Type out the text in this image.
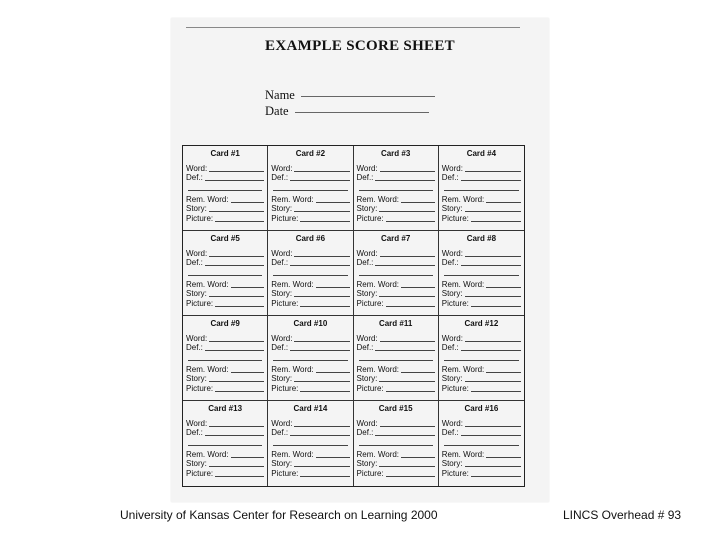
EXAMPLE SCORE SHEET
Name
Date
Card #1
Word:
Def.:
Rem. Word:
Story:
Picture:
Card #2
Word:
Def.:
Rem. Word:
Story:
Picture:
Card #3
Word:
Def.:
Rem. Word:
Story:
Picture:
Card #4
Word:
Def.:
Rem. Word:
Story:
Picture:
Card #5
Word:
Def.:
Rem. Word:
Story:
Picture:
Card #6
Word:
Def.:
Rem. Word:
Story:
Picture:
Card #7
Word:
Def.:
Rem. Word:
Story:
Picture:
Card #8
Word:
Def.:
Rem. Word:
Story:
Picture:
Card #9
Word:
Def.:
Rem. Word:
Story:
Picture:
Card #10
Word:
Def.:
Rem. Word:
Story:
Picture:
Card #11
Word:
Def.:
Rem. Word:
Story:
Picture:
Card #12
Word:
Def.:
Rem. Word:
Story:
Picture:
Card #13
Word:
Def.:
Rem. Word:
Story:
Picture:
Card #14
Word:
Def.:
Rem. Word:
Story:
Picture:
Card #15
Word:
Def.:
Rem. Word:
Story:
Picture:
Card #16
Word:
Def.:
Rem. Word:
Story:
Picture:
University of Kansas Center for Research on Learning 2000	LINCS Overhead # 93
